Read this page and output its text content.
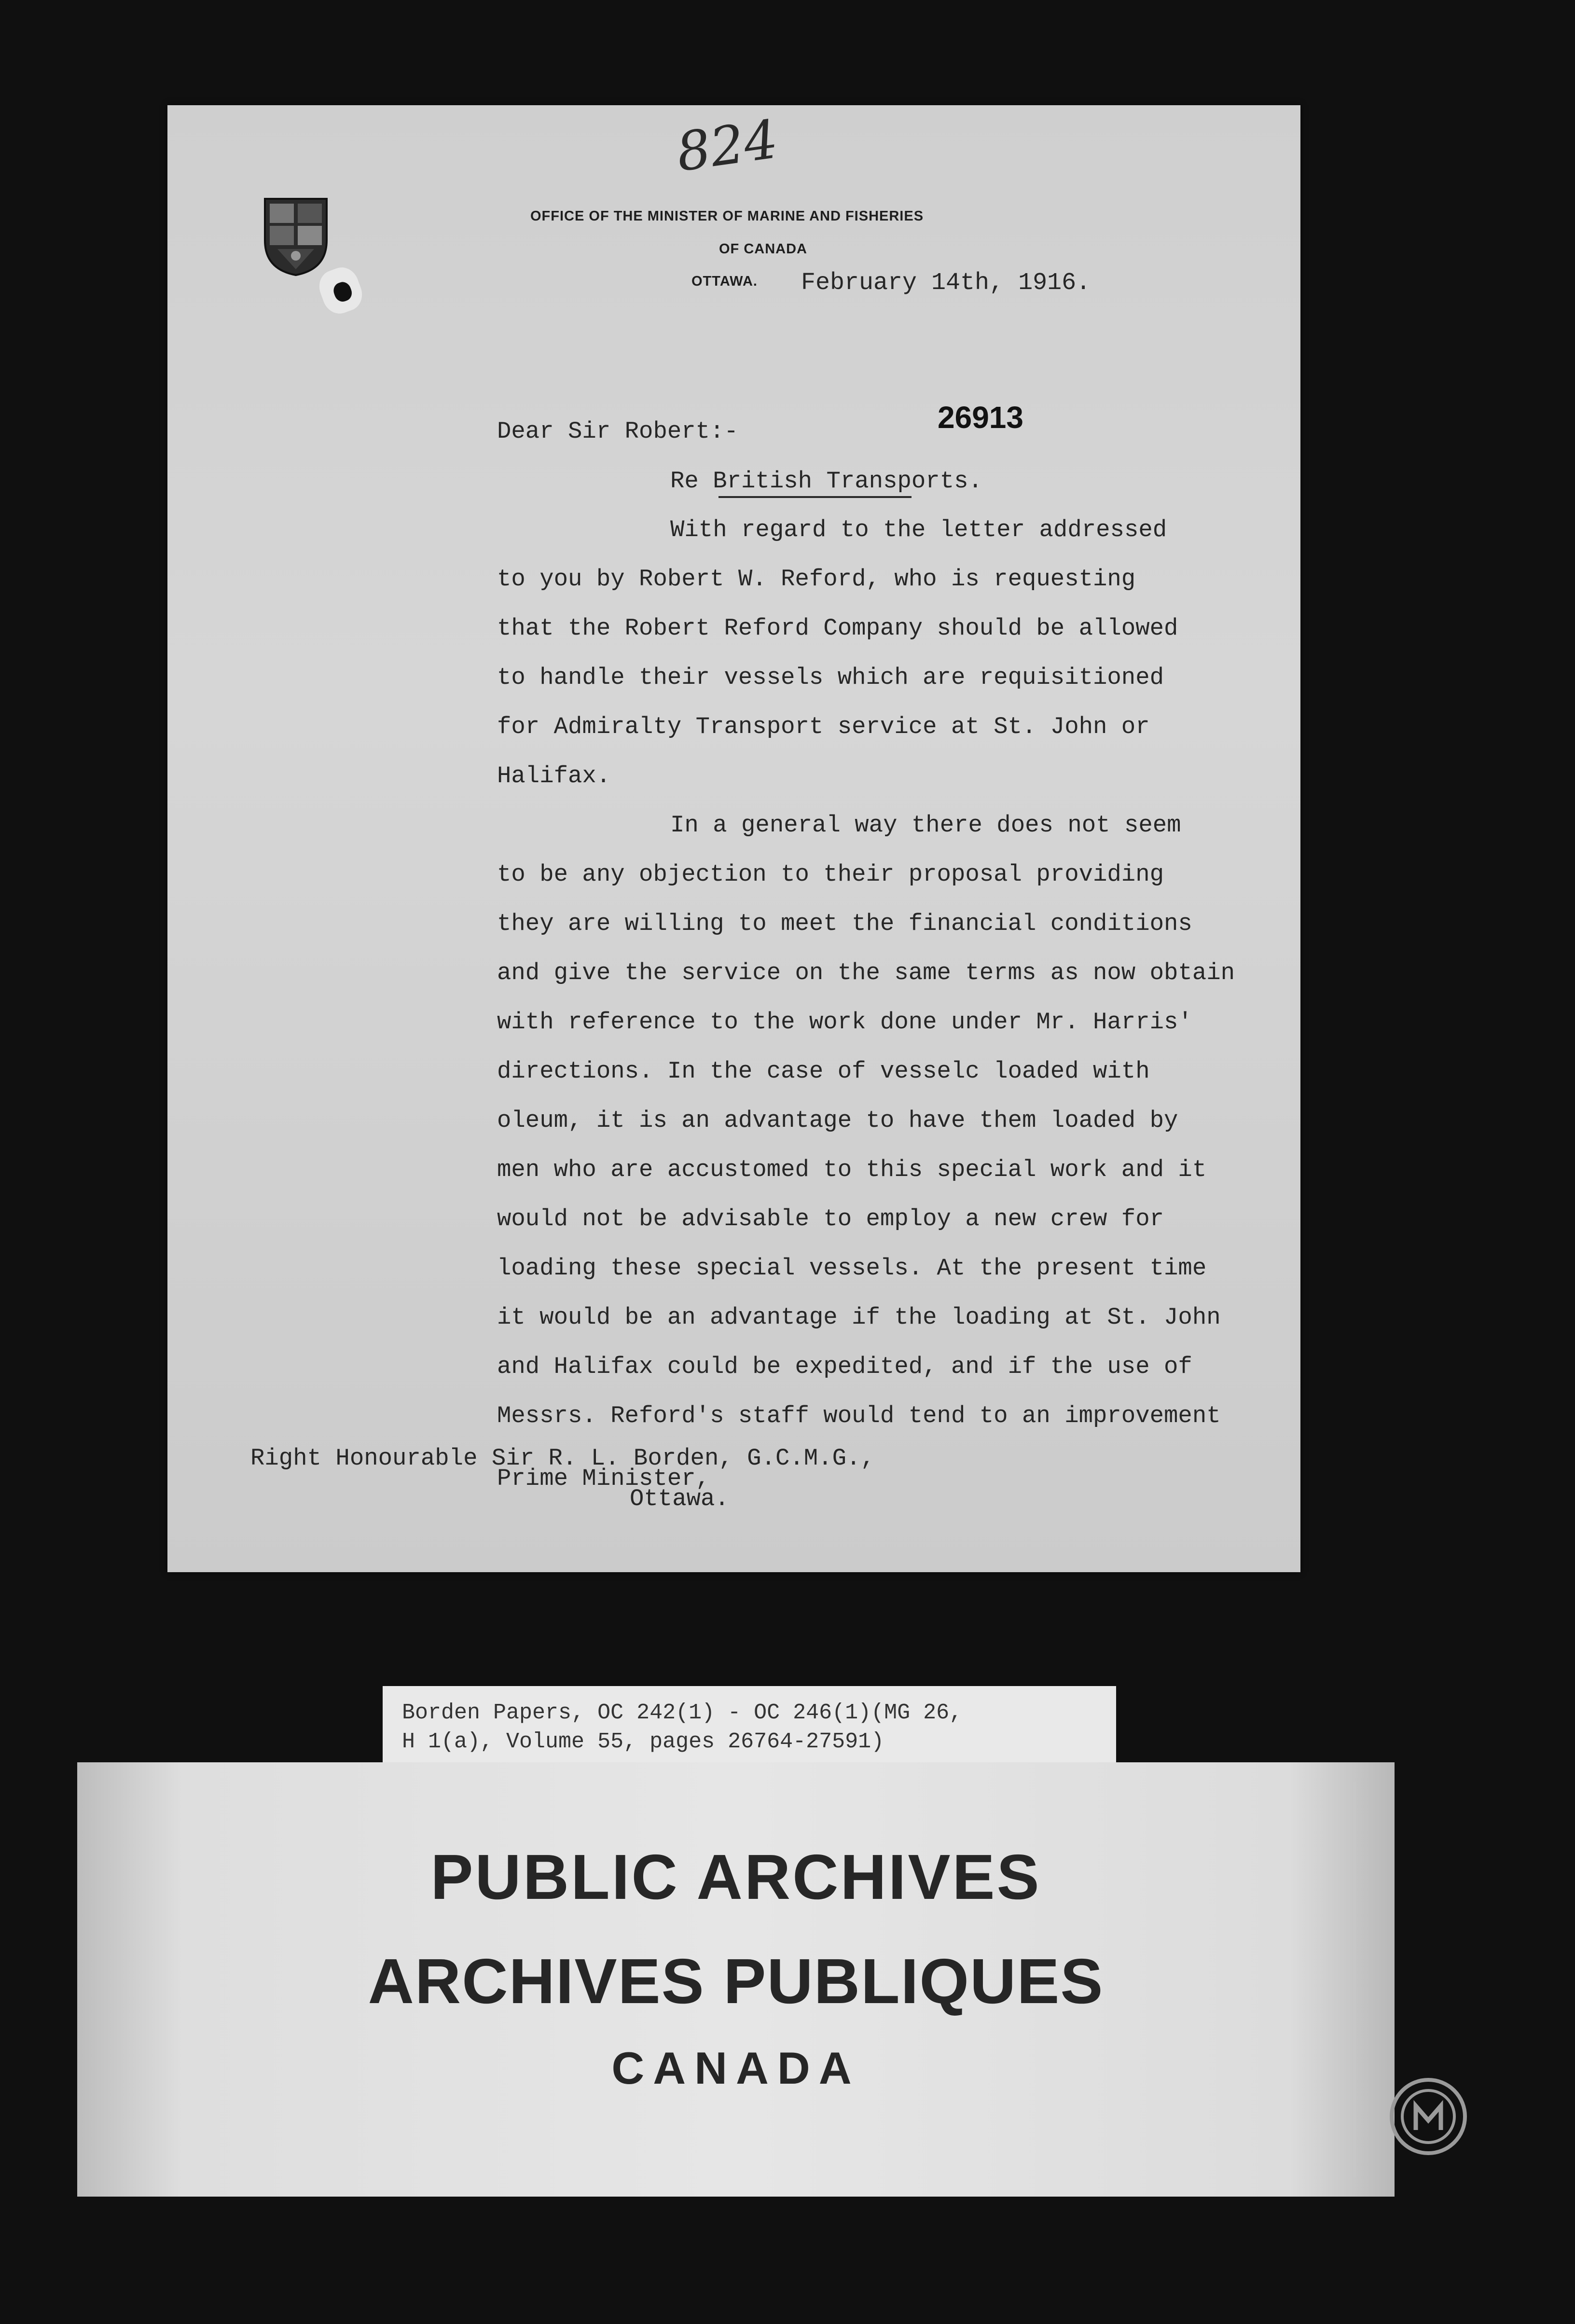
824
OFFICE OF THE MINISTER OF MARINE AND FISHERIES
OF CANADA
OTTAWA. February 14th, 1916.
Dear Sir Robert:-	26913
Re British Transports.
With regard to the letter addressed
to you by Robert W. Reford, who is requesting
that the Robert Reford Company should be allowed
to handle their vessels which are requisitioned
for Admiralty Transport service at St. John or
Halifax.
In a general way there does not seem
to be any objection to their proposal providing
they are willing to meet the financial conditions
and give the service on the same terms as now obtain
with reference to the work done under Mr. Harris'
directions. In the case of vesselc loaded with
oleum, it is an advantage to have them loaded by
men who are accustomed to this special work and it
would not be advisable to employ a new crew for
loading these special vessels. At the present time
it would be an advantage if the loading at St. John
and Halifax could be expedited, and if the use of
Messrs. Reford's staff would tend to an improvement
Right Honourable Sir R. L. Borden, G.C.M.G.,
Prime Minister,
Ottawa.
Borden Papers, OC 242(1) - OC 246(1)(MG 26,
H 1(a), Volume 55, pages 26764-27591)
PUBLIC ARCHIVES
ARCHIVES PUBLIQUES
CANADA
